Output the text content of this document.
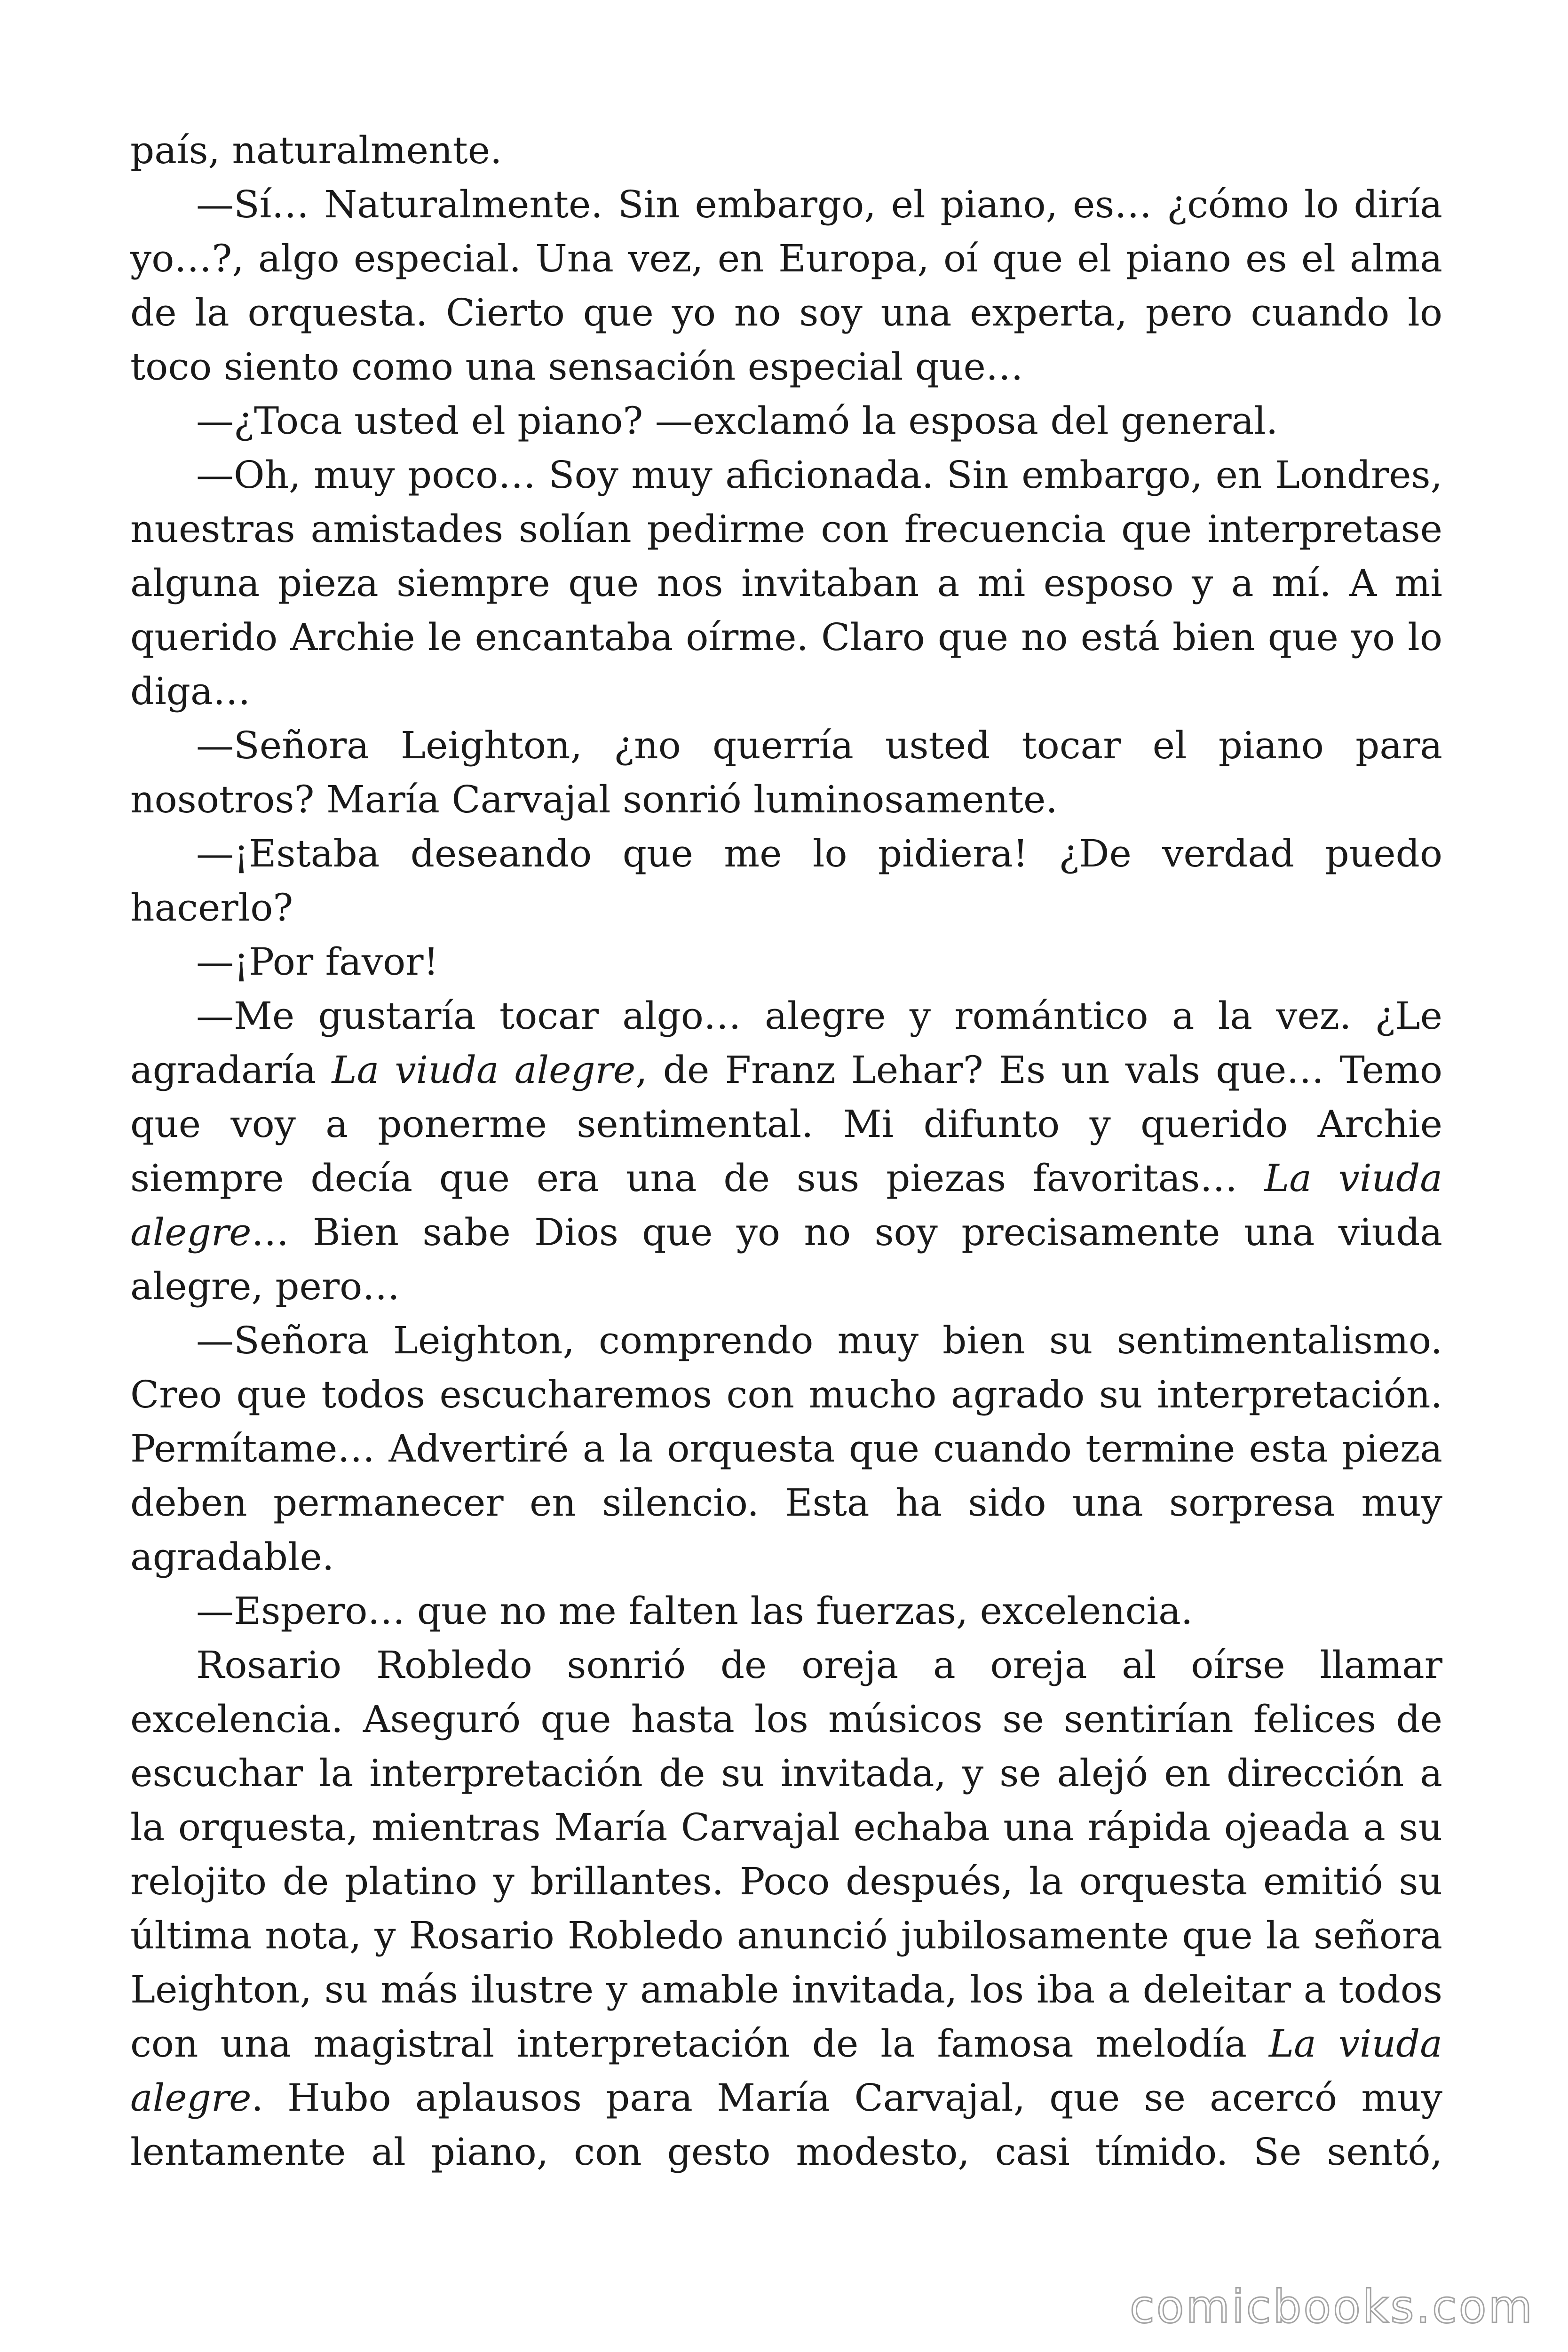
país, naturalmente.

—Sí… Naturalmente. Sin embargo, el piano, es… ¿cómo lo diría yo…?, algo especial. Una vez, en Europa, oí que el piano es el alma de la orquesta. Cierto que yo no soy una experta, pero cuando lo toco siento como una sensación especial que…

—¿Toca usted el piano? —exclamó la esposa del general.

—Oh, muy poco… Soy muy aficionada. Sin embargo, en Londres, nuestras amistades solían pedirme con frecuencia que interpretase alguna pieza siempre que nos invitaban a mi esposo y a mí. A mi querido Archie le encantaba oírme. Claro que no está bien que yo lo diga…

—Señora Leighton, ¿no querría usted tocar el piano para nosotros? María Carvajal sonrió luminosamente.

—¡Estaba deseando que me lo pidiera! ¿De verdad puedo hacerlo?

—¡Por favor!

—Me gustaría tocar algo… alegre y romántico a la vez. ¿Le agradaría La viuda alegre, de Franz Lehar? Es un vals que… Temo que voy a ponerme sentimental. Mi difunto y querido Archie siempre decía que era una de sus piezas favoritas… La viuda alegre… Bien sabe Dios que yo no soy precisamente una viuda alegre, pero…

—Señora Leighton, comprendo muy bien su sentimentalismo. Creo que todos escucharemos con mucho agrado su interpretación. Permítame… Advertiré a la orquesta que cuando termine esta pieza deben permanecer en silencio. Esta ha sido una sorpresa muy agradable.

—Espero… que no me falten las fuerzas, excelencia.

Rosario Robledo sonrió de oreja a oreja al oírse llamar excelencia. Aseguró que hasta los músicos se sentirían felices de escuchar la interpretación de su invitada, y se alejó en dirección a la orquesta, mientras María Carvajal echaba una rápida ojeada a su relojito de platino y brillantes. Poco después, la orquesta emitió su última nota, y Rosario Robledo anunció jubilosamente que la señora Leighton, su más ilustre y amable invitada, los iba a deleitar a todos con una magistral interpretación de la famosa melodía La viuda alegre. Hubo aplausos para María Carvajal, que se acercó muy lentamente al piano, con gesto modesto, casi tímido. Se sentó,

comicbooks.com
